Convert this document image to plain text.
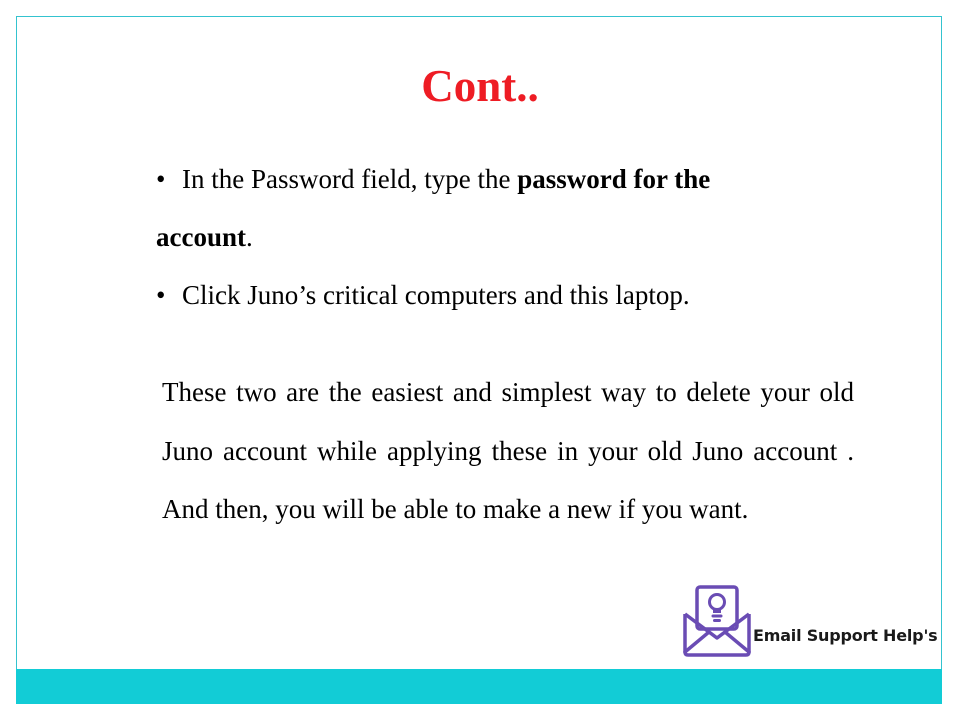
Cont..
• In the Password field, type the password for the
account.
• Click Juno’s critical computers and this laptop.

These two are the easiest and simplest way to delete your old Juno account while applying these in your old Juno account . And then, you will be able to make a new if you want.

Email Support Help's
